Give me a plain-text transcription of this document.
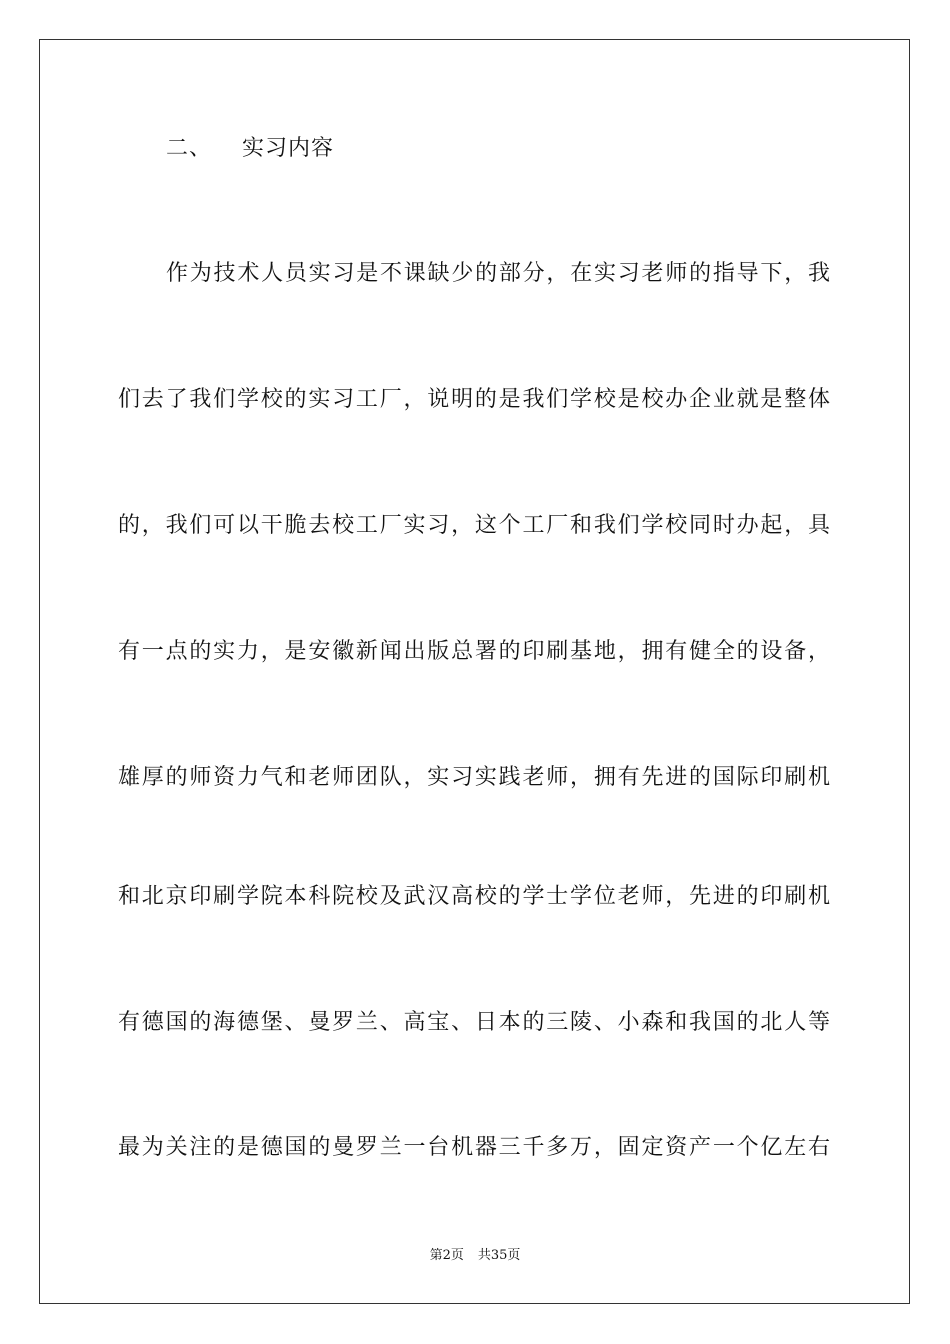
二、 实习内容
作为技术人员实习是不课缺少的部分，在实习老师的指导下，我
们去了我们学校的实习工厂，说明的是我们学校是校办企业就是整体
的，我们可以干脆去校工厂实习，这个工厂和我们学校同时办起，具
有一点的实力，是安徽新闻出版总署的印刷基地，拥有健全的设备，
雄厚的师资力气和老师团队，实习实践老师，拥有先进的国际印刷机
和北京印刷学院本科院校及武汉高校的学士学位老师，先进的印刷机
有德国的海德堡、曼罗兰、高宝、日本的三陵、小森和我国的北人等
最为关注的是德国的曼罗兰一台机器三千多万，固定资产一个亿左右
第2页 共35页
